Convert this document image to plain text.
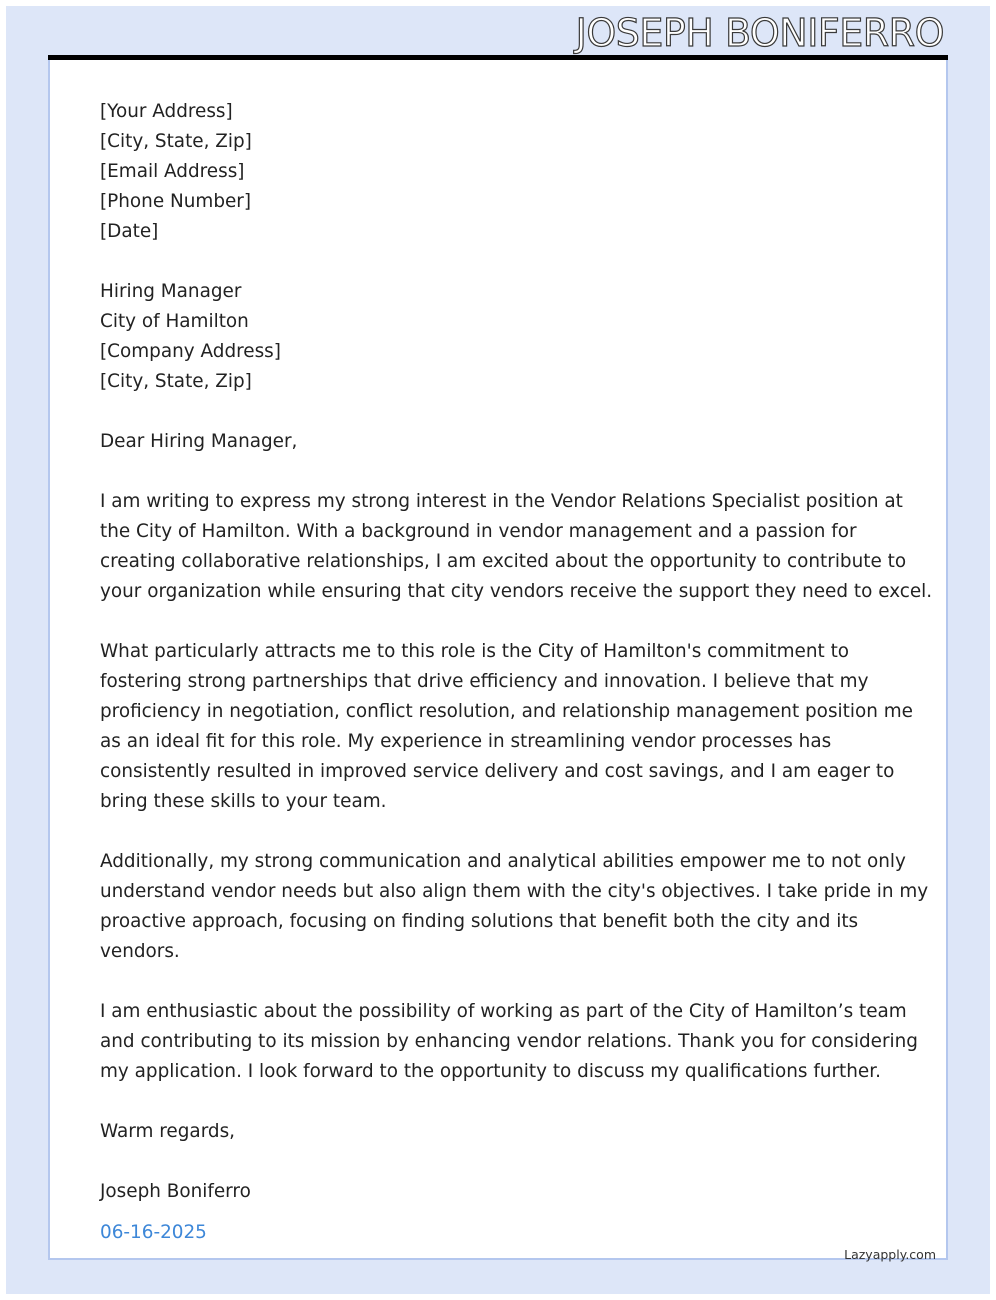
JOSEPH BONIFERRO
[Your Address]
[City, State, Zip]
[Email Address]
[Phone Number]
[Date]
Hiring Manager
City of Hamilton
[Company Address]
[City, State, Zip]
Dear Hiring Manager,
I am writing to express my strong interest in the Vendor Relations Specialist position at
the City of Hamilton. With a background in vendor management and a passion for
creating collaborative relationships, I am excited about the opportunity to contribute to
your organization while ensuring that city vendors receive the support they need to excel.
What particularly attracts me to this role is the City of Hamilton's commitment to
fostering strong partnerships that drive efficiency and innovation. I believe that my
proficiency in negotiation, conflict resolution, and relationship management position me
as an ideal fit for this role. My experience in streamlining vendor processes has
consistently resulted in improved service delivery and cost savings, and I am eager to
bring these skills to your team.
Additionally, my strong communication and analytical abilities empower me to not only
understand vendor needs but also align them with the city's objectives. I take pride in my
proactive approach, focusing on finding solutions that benefit both the city and its
vendors.
I am enthusiastic about the possibility of working as part of the City of Hamilton’s team
and contributing to its mission by enhancing vendor relations. Thank you for considering
my application. I look forward to the opportunity to discuss my qualifications further.
Warm regards,
Joseph Boniferro
06-16-2025
Lazyapply.com
